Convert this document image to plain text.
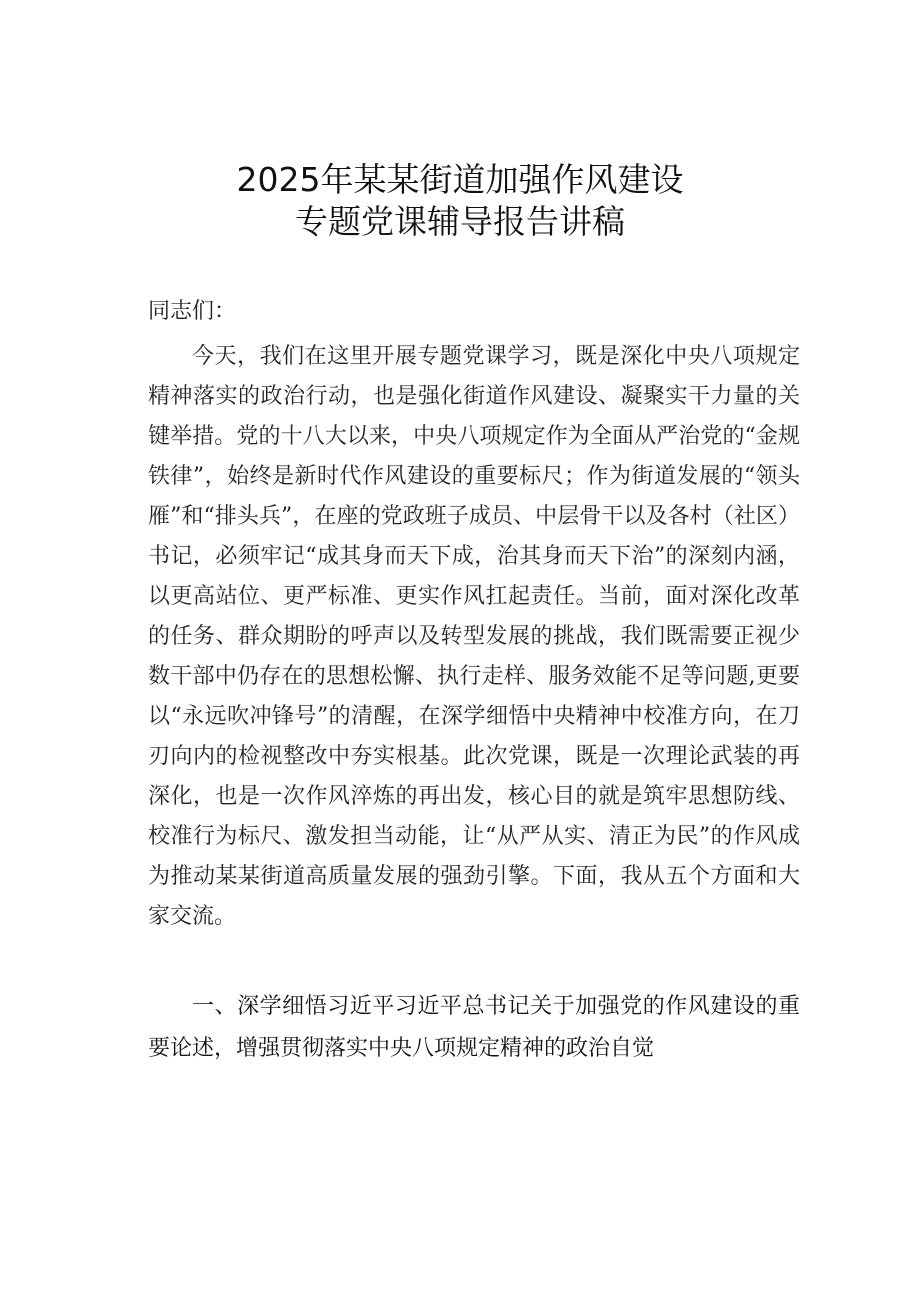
2025年某某街道加强作风建设
专题党课辅导报告讲稿
同志们：

今天，我们在这里开展专题党课学习，既是深化中央八项规定精神落实的政治行动，也是强化街道作风建设、凝聚实干力量的关键举措。党的十八大以来，中央八项规定作为全面从严治党的“金规铁律”，始终是新时代作风建设的重要标尺；作为街道发展的“领头雁”和“排头兵”，在座的党政班子成员、中层骨干以及各村（社区）书记，必须牢记“成其身而天下成，治其身而天下治”的深刻内涵，以更高站位、更严标准、更实作风扛起责任。当前，面对深化改革的任务、群众期盼的呼声以及转型发展的挑战，我们既需要正视少数干部中仍存在的思想松懈、执行走样、服务效能不足等问题,更要以“永远吹冲锋号”的清醒，在深学细悟中央精神中校准方向，在刀刃向内的检视整改中夯实根基。此次党课，既是一次理论武装的再深化，也是一次作风淬炼的再出发，核心目的就是筑牢思想防线、校准行为标尺、激发担当动能，让“从严从实、清正为民”的作风成为推动某某街道高质量发展的强劲引擎。下面，我从五个方面和大家交流。

一、深学细悟习近平习近平总书记关于加强党的作风建设的重要论述，增强贯彻落实中央八项规定精神的政治自觉
